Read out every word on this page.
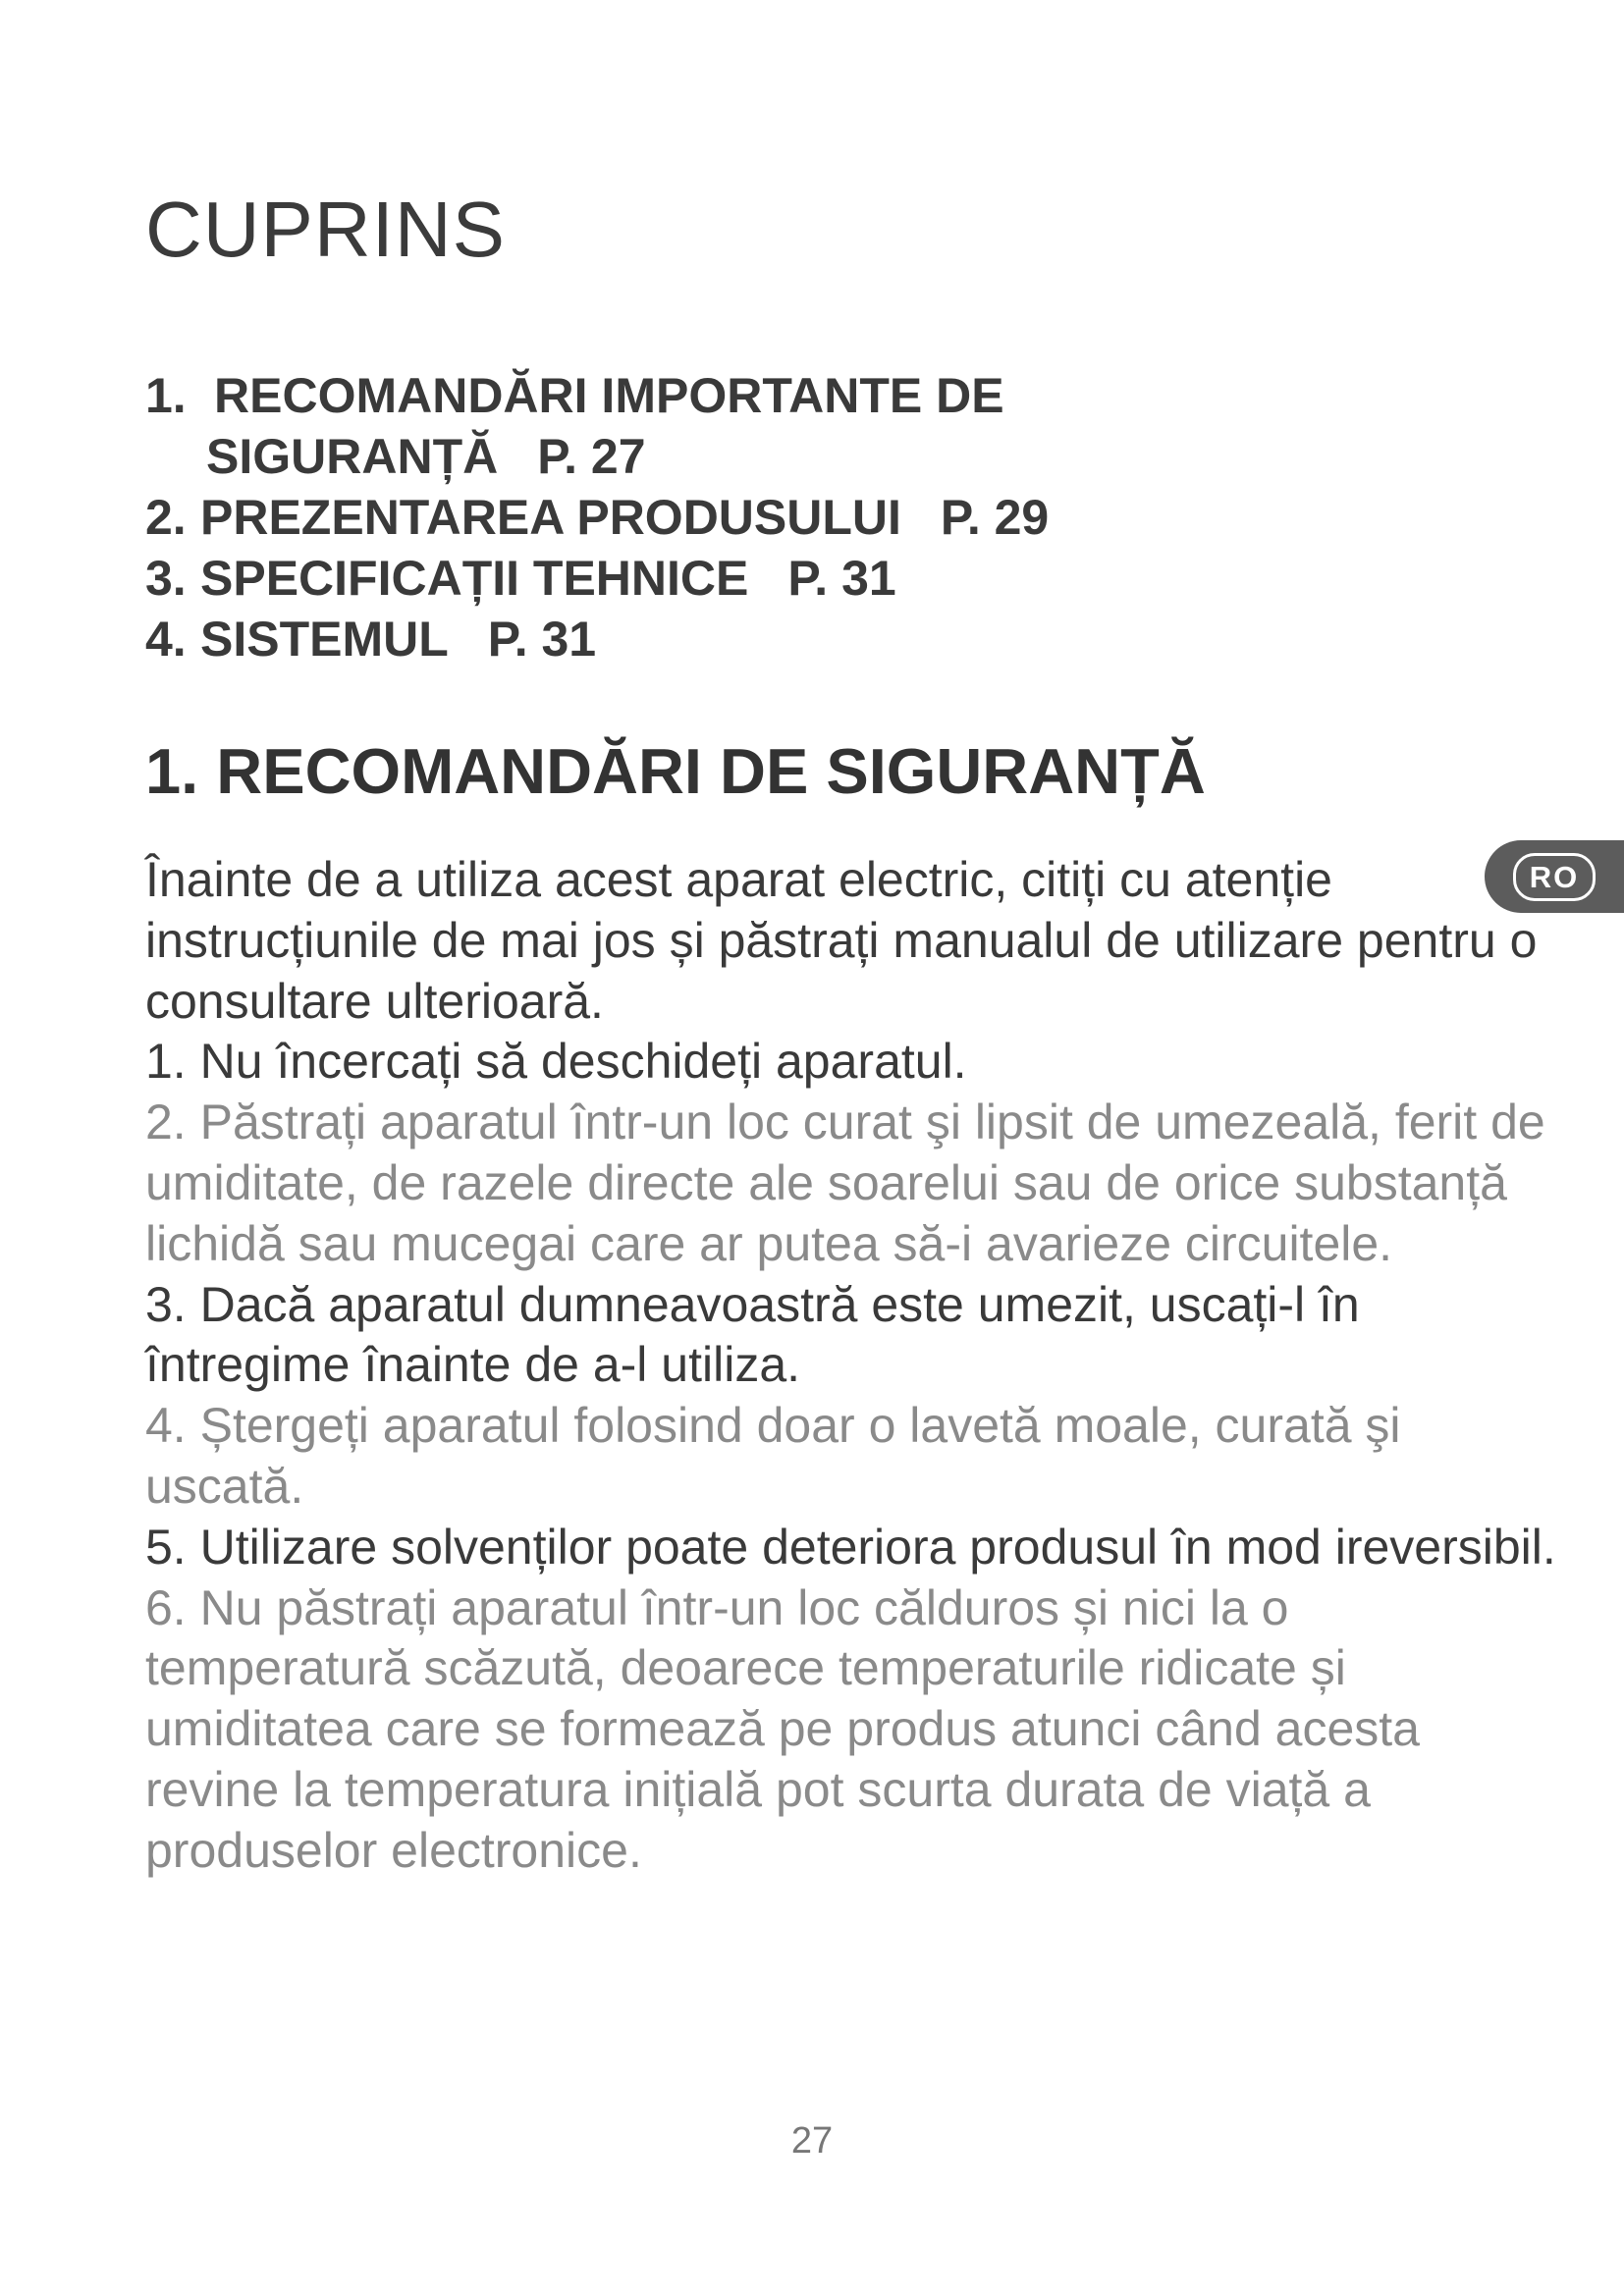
CUPRINS
1. RECOMANDĂRI IMPORTANTE DE
SIGURANȚĂ P. 27
2. PREZENTAREA PRODUSULUI P. 29
3. SPECIFICAȚII TEHNICE P. 31
4. SISTEMUL P. 31
1. RECOMANDĂRI DE SIGURANȚĂ
RO

Înainte de a utiliza acest aparat electric, citiți cu atenție instrucțiunile de mai jos și păstrați manualul de utilizare pentru o consultare ulterioară.

1. Nu încercați să deschideți aparatul.

2. Păstrați aparatul într-un loc curat şi lipsit de umezeală, ferit de umiditate, de razele directe ale soarelui sau de orice substanță lichidă sau mucegai care ar putea să-i avarieze circuitele.

3. Dacă aparatul dumneavoastră este umezit, uscați-l în întregime înainte de a-l utiliza.

4. Ștergeți aparatul folosind doar o lavetă moale, curată şi uscată.

5. Utilizare solvenților poate deteriora produsul în mod ireversibil.

6. Nu păstrați aparatul într-un loc călduros și nici la o temperatură scăzută, deoarece temperaturile ridicate și umiditatea care se formează pe produs atunci când acesta revine la temperatura inițială pot scurta durata de viață a produselor electronice.

27
